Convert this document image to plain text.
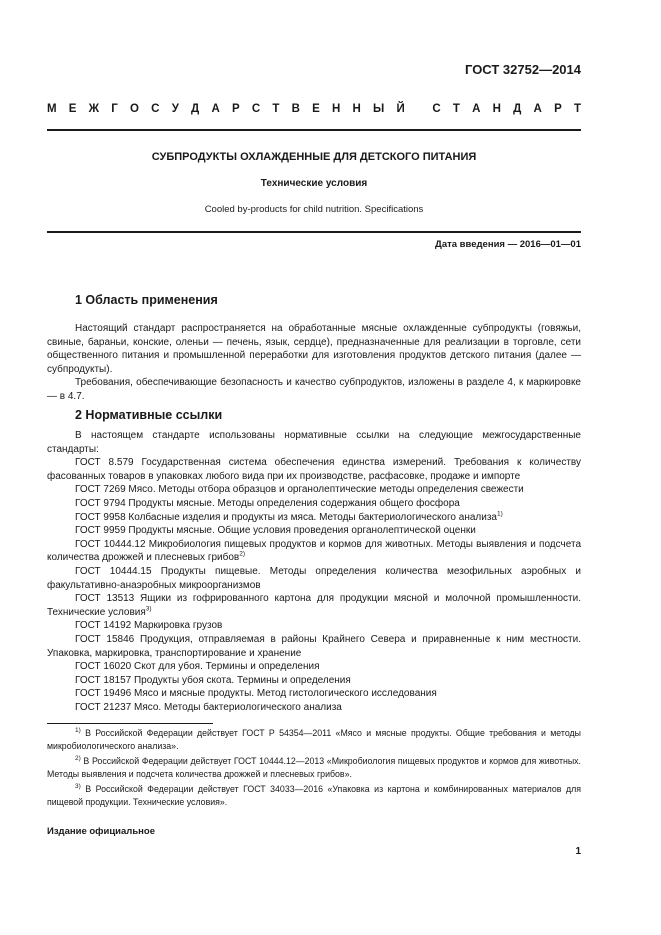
ГОСТ 32752—2014
М Е Ж Г О С У Д А Р С Т В Е Н Н Ы Й
С Т А Н Д А Р Т
СУБПРОДУКТЫ ОХЛАЖДЕННЫЕ ДЛЯ ДЕТСКОГО ПИТАНИЯ
Технические условия
Cooled by-products for child nutrition. Specifications
Дата введения — 2016—01—01
1 Область применения

Настоящий стандарт распространяется на обработанные мясные охлажденные субпродукты (говяжьи, свиные, бараньи, конские, оленьи — печень, язык, сердце), предназначенные для реализации в торговле, сети общественного питания и промышленной переработки для изготовления продуктов детского питания (далее — субпродукты).

Требования, обеспечивающие безопасность и качество субпродуктов, изложены в разделе 4, к маркировке — в 4.7.

2 Нормативные ссылки

В настоящем стандарте использованы нормативные ссылки на следующие межгосударственные стандарты:

ГОСТ 8.579 Государственная система обеспечения единства измерений. Требования к количеству фасованных товаров в упаковках любого вида при их производстве, расфасовке, продаже и импорте

ГОСТ 7269 Мясо. Методы отбора образцов и органолептические методы определения свежести

ГОСТ 9794 Продукты мясные. Методы определения содержания общего фосфора

ГОСТ 9958 Колбасные изделия и продукты из мяса. Методы бактериологического анализа$^{1)}$

ГОСТ 9959 Продукты мясные. Общие условия проведения органолептической оценки

ГОСТ 10444.12 Микробиология пищевых продуктов и кормов для животных. Методы выявления и подсчета количества дрожжей и плесневых грибов$^{2)}$

ГОСТ 10444.15 Продукты пищевые. Методы определения количества мезофильных аэробных и факультативно-анаэробных микроорганизмов

ГОСТ 13513 Ящики из гофрированного картона для продукции мясной и молочной промышленности. Технические условия$^{3)}$

ГОСТ 14192 Маркировка грузов

ГОСТ 15846 Продукция, отправляемая в районы Крайнего Севера и приравненные к ним местности. Упаковка, маркировка, транспортирование и хранение

ГОСТ 16020 Скот для убоя. Термины и определения

ГОСТ 18157 Продукты убоя скота. Термины и определения

ГОСТ 19496 Мясо и мясные продукты. Метод гистологического исследования

ГОСТ 21237 Мясо. Методы бактериологического анализа

$^{1)}$ В Российской Федерации действует ГОСТ Р 54354—2011 «Мясо и мясные продукты. Общие требования и методы микробиологического анализа».

$^{2)}$ В Российской Федерации действует ГОСТ 10444.12—2013 «Микробиология пищевых продуктов и кормов для животных. Методы выявления и подсчета количества дрожжей и плесневых грибов».

$^{3)}$ В Российской Федерации действует ГОСТ 34033—2016 «Упаковка из картона и комбинированных материалов для пищевой продукции. Технические условия».

Издание официальное
1
